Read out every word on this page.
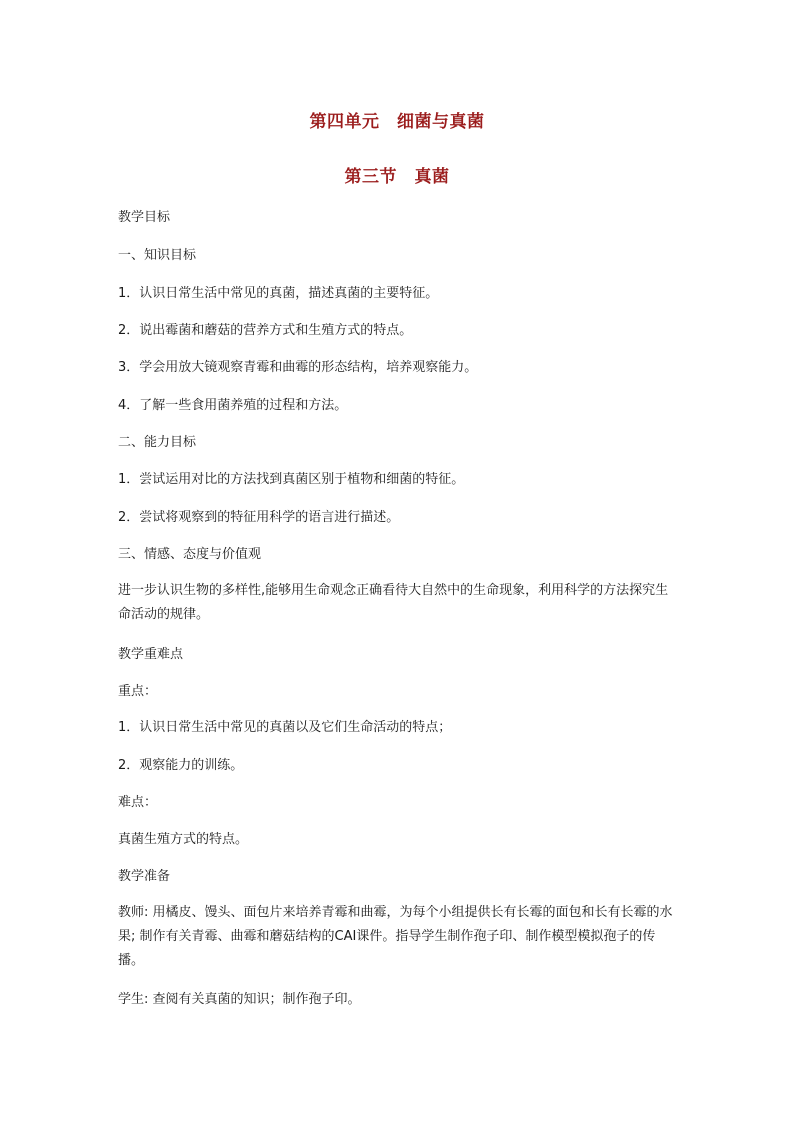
第四单元　细菌与真菌
第三节　真菌
教学目标
一、知识目标
1．认识日常生活中常见的真菌，描述真菌的主要特征。
2．说出霉菌和蘑菇的营养方式和生殖方式的特点。
3．学会用放大镜观察青霉和曲霉的形态结构，培养观察能力。
4．了解一些食用菌养殖的过程和方法。
二、能力目标
1．尝试运用对比的方法找到真菌区别于植物和细菌的特征。
2．尝试将观察到的特征用科学的语言进行描述。
三、情感、态度与价值观
进一步认识生物的多样性,能够用生命观念正确看待大自然中的生命现象，利用科学的方法探究生命活动的规律。
教学重难点
重点：
1．认识日常生活中常见的真菌以及它们生命活动的特点；
2．观察能力的训练。
难点：
真菌生殖方式的特点。
教学准备
教师: 用橘皮、馒头、面包片来培养青霉和曲霉，为每个小组提供长有长霉的面包和长有长霉的水果; 制作有关青霉、曲霉和蘑菇结构的CAI课件。指导学生制作孢子印、制作模型模拟孢子的传播。
学生: 查阅有关真菌的知识；制作孢子印。
